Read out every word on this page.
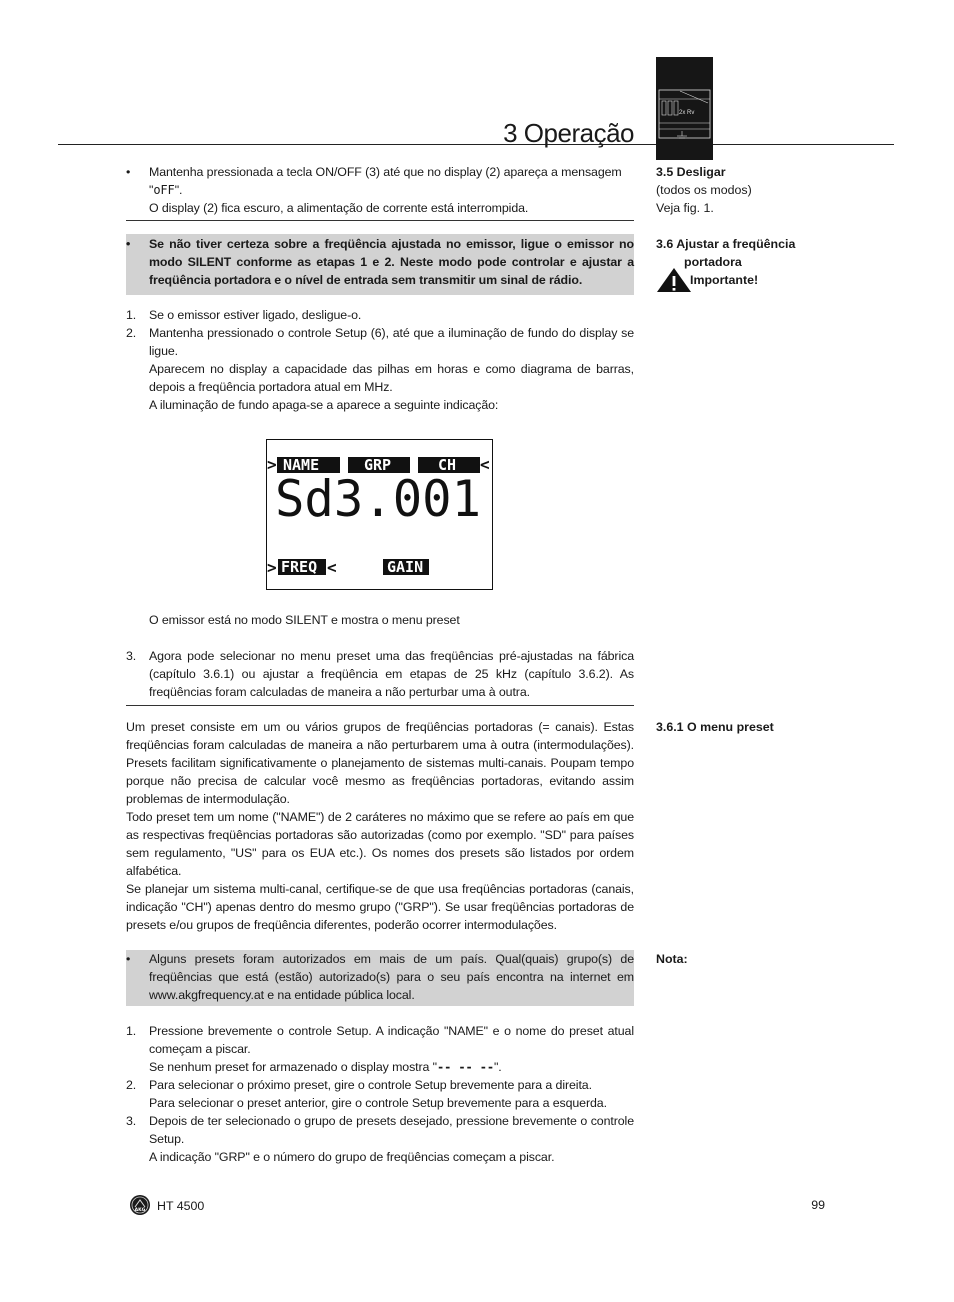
3 Operação
2x Rv
3.5 Desligar
(todos os modos)
Veja fig. 1.
3.6 Ajustar a freqüência
portadora
Importante!
3.6.1 O menu preset
Nota:
• Mantenha pressionada a tecla ON/OFF (3) até que no display (2) apareça a mensagem
"oFF".
O display (2) fica escuro, a alimentação de corrente está interrompida.
• Se não tiver certeza sobre a freqüência ajustada no emissor, ligue o emissor no modo SILENT conforme as etapas 1 e 2. Neste modo pode controlar e ajustar a freqüência portadora e o nível de entrada sem transmitir um sinal de rádio.
1. Se o emissor estiver ligado, desligue-o.
2. Mantenha pressionado o controle Setup (6), até que a iluminação de fundo do display se ligue.
Aparecem no display a capacidade das pilhas em horas e como diagrama de barras, depois a freqüência portadora atual em MHz.
A iluminação de fundo apaga-se a aparece a seguinte indicação:
> NAME	GRP	CH <
Sd3.001
> FREQ <	GAIN
O emissor está no modo SILENT e mostra o menu preset
3. Agora pode selecionar no menu preset uma das freqüências pré-ajustadas na fábrica (capítulo 3.6.1) ou ajustar a freqüência em etapas de 25 kHz (capítulo 3.6.2). As freqüências foram calculadas de maneira a não perturbar uma à outra.
Um preset consiste em um ou vários grupos de freqüências portadoras (= canais). Estas freqüências foram calculadas de maneira a não perturbarem uma à outra (intermodulações). Presets facilitam significativamente o planejamento de sistemas multi-canais. Poupam tempo porque não precisa de calcular você mesmo as freqüências portadoras, evitando assim problemas de intermodulação.
Todo preset tem um nome ("NAME") de 2 caráteres no máximo que se refere ao país em que as respectivas freqüências portadoras são autorizadas (como por exemplo. "SD" para países sem regulamento, "US" para os EUA etc.). Os nomes dos presets são listados por ordem alfabética.
Se planejar um sistema multi-canal, certifique-se de que usa freqüências portadoras (canais, indicação "CH") apenas dentro do mesmo grupo ("GRP"). Se usar freqüências portadoras de presets e/ou grupos de freqüência diferentes, poderão ocorrer intermodulações.
• Alguns presets foram autorizados em mais de um país. Qual(quais) grupo(s) de freqüências que está (estão) autorizado(s) para o seu país encontra na internet em www.akgfrequency.at e na entidade pública local.
1. Pressione brevemente o controle Setup. A indicação "NAME" e o nome do preset atual começam a piscar.
Se nenhum preset for armazenado o display mostra "-- -- --".
2. Para selecionar o próximo preset, gire o controle Setup brevemente para a direita.
Para selecionar o preset anterior, gire o controle Setup brevemente para a esquerda.
3. Depois de ter selecionado o grupo de presets desejado, pressione brevemente o controle Setup.
A indicação "GRP" e o número do grupo de freqüências começam a piscar.
AKG HT 4500	99
